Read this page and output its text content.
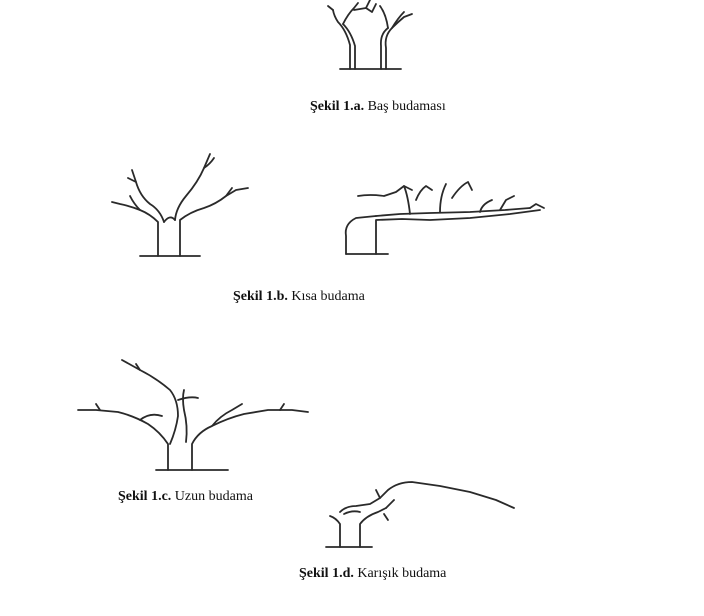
Şekil 1.a. Baş budaması
Şekil 1.b. Kısa budama
Şekil 1.c. Uzun budama
Şekil 1.d. Karışık budama
